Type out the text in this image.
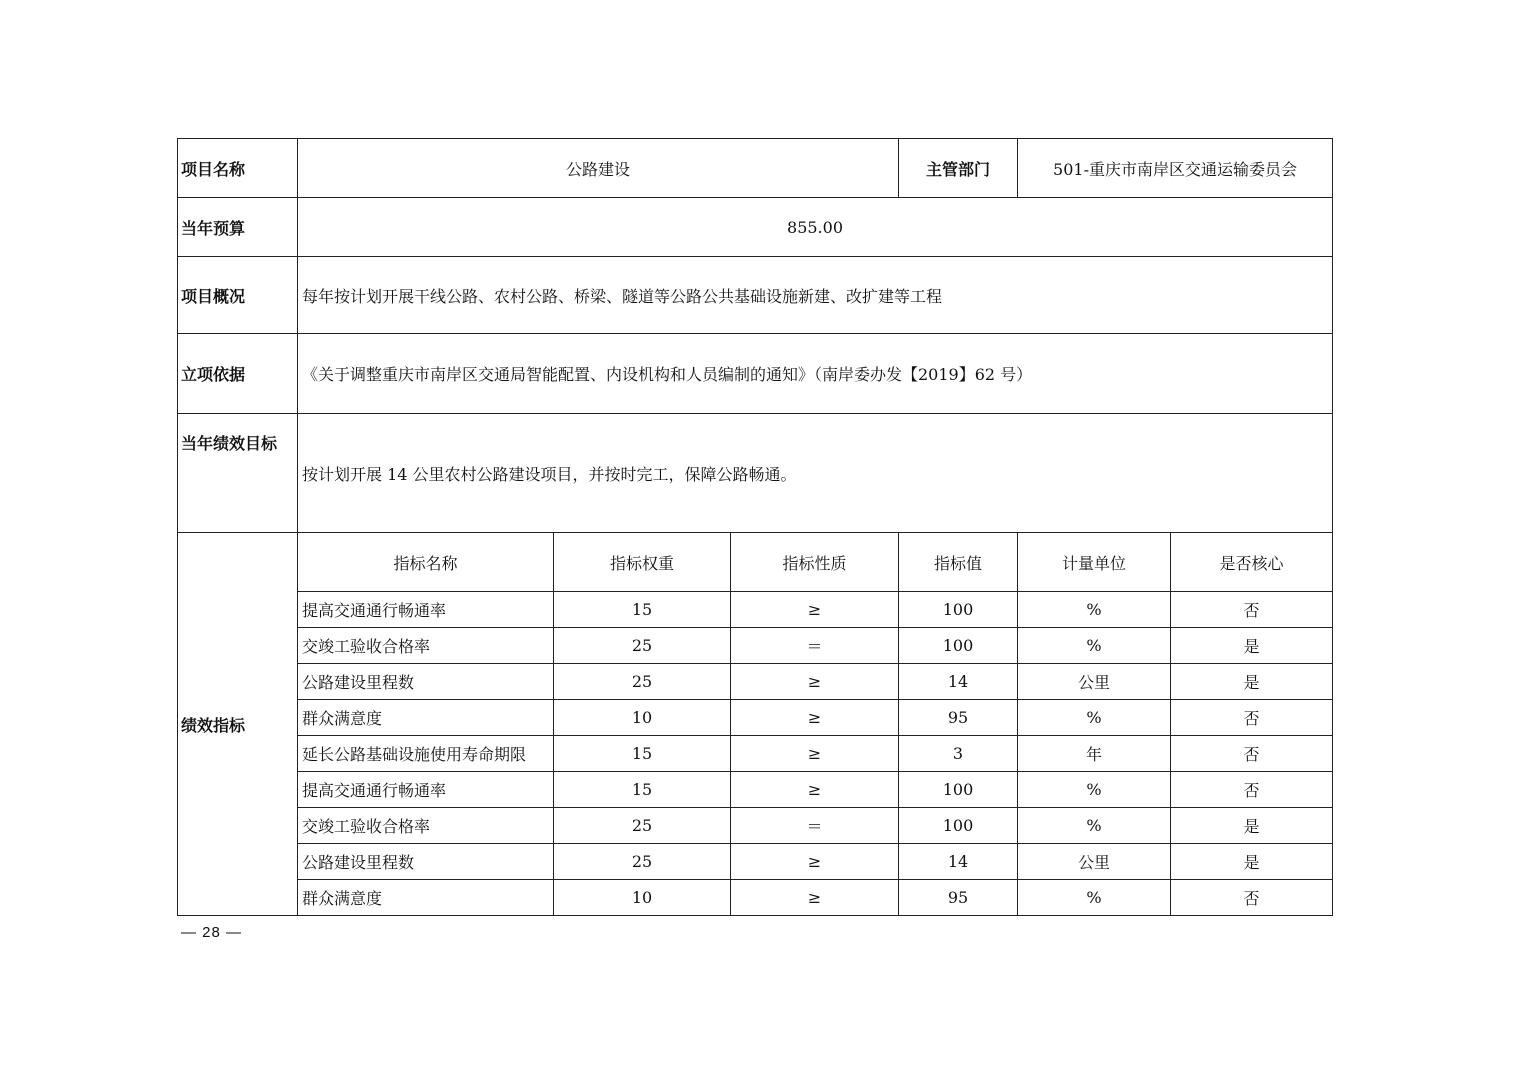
项目名称	公路建设			主管部门	501-重庆市南岸区交通运输委员会	
当年预算	855.00					
项目概况	每年按计划开展干线公路、农村公路、桥梁、隧道等公路公共基础设施新建、改扩建等工程					
立项依据	《关于调整重庆市南岸区交通局智能配置、内设机构和人员编制的通知》（南岸委办发【2019】62 号）					
当年绩效目标	按计划开展 14 公里农村公路建设项目，并按时完工，保障公路畅通。					
绩效指标	指标名称	指标权重	指标性质	指标值	计量单位	是否核心
	提高交通通行畅通率	15	≥	100	%	否
	交竣工验收合格率	25	＝	100	%	是
	公路建设里程数	25	≥	14	公里	是
	群众满意度	10	≥	95	%	否
	延长公路基础设施使用寿命期限	15	≥	3	年	否
	提高交通通行畅通率	15	≥	100	%	否
	交竣工验收合格率	25	＝	100	%	是
	公路建设里程数	25	≥	14	公里	是
	群众满意度	10	≥	95	%	否
— 28 —
